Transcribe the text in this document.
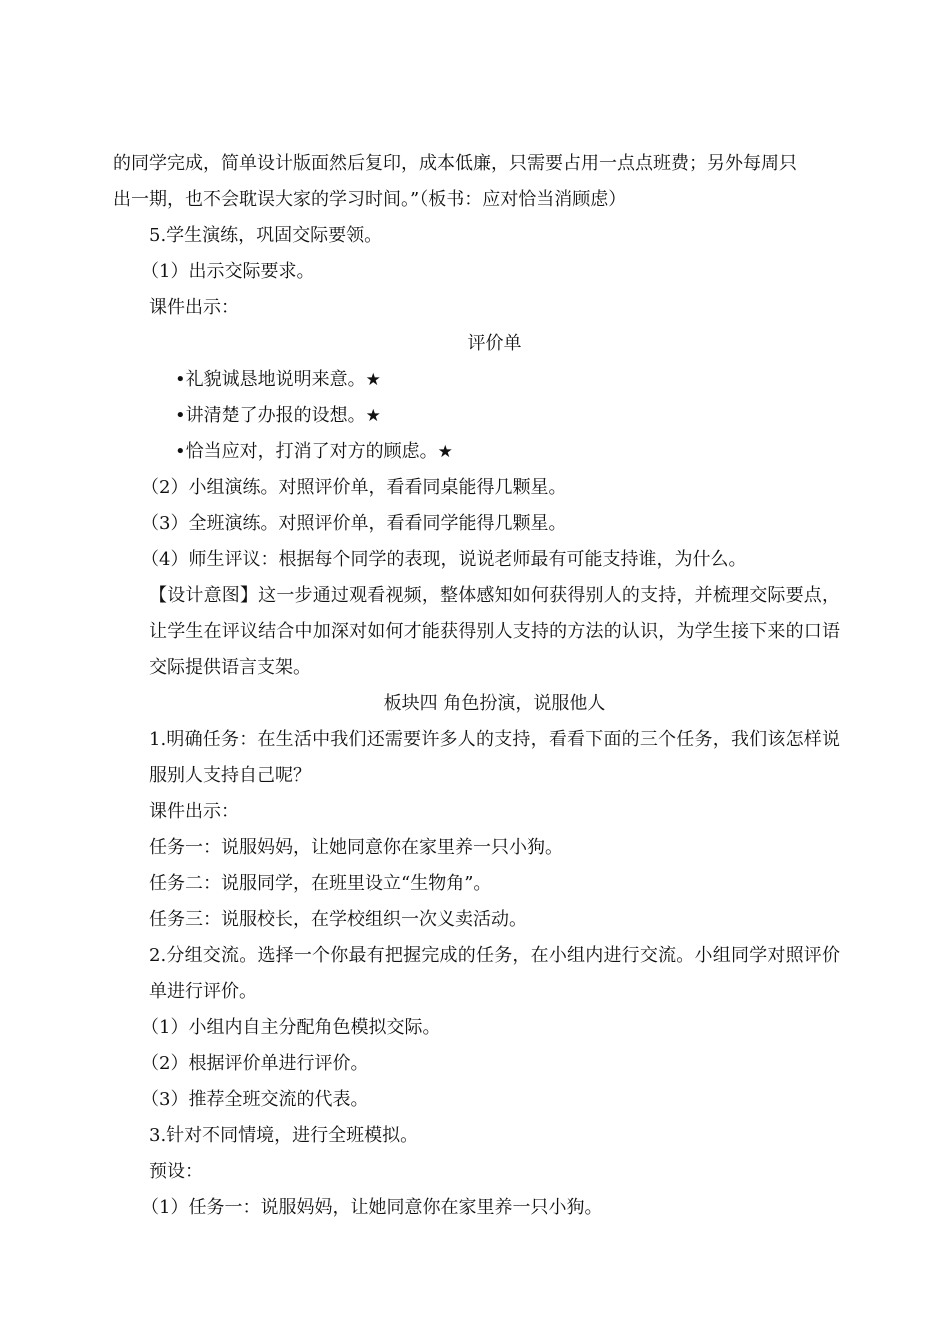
的同学完成，简单设计版面然后复印，成本低廉，只需要占用一点点班费；另外每周只

出一期，也不会耽误大家的学习时间。”（板书：应对恰当消顾虑）

5.学生演练，巩固交际要领。

（1）出示交际要求。

课件出示：

评价单

•礼貌诚恳地说明来意。★

•讲清楚了办报的设想。★

•恰当应对，打消了对方的顾虑。★

（2）小组演练。对照评价单，看看同桌能得几颗星。

（3）全班演练。对照评价单，看看同学能得几颗星。

（4）师生评议：根据每个同学的表现，说说老师最有可能支持谁，为什么。

【设计意图】这一步通过观看视频，整体感知如何获得别人的支持，并梳理交际要点，让学生在评议结合中加深对如何才能获得别人支持的方法的认识，为学生接下来的口语交际提供语言支架。

板块四 角色扮演，说服他人

1.明确任务：在生活中我们还需要许多人的支持，看看下面的三个任务，我们该怎样说服别人支持自己呢？

课件出示：

任务一：说服妈妈，让她同意你在家里养一只小狗。

任务二：说服同学，在班里设立“生物角”。

任务三：说服校长，在学校组织一次义卖活动。

2.分组交流。选择一个你最有把握完成的任务，在小组内进行交流。小组同学对照评价单进行评价。

（1）小组内自主分配角色模拟交际。

（2）根据评价单进行评价。

（3）推荐全班交流的代表。

3.针对不同情境，进行全班模拟。

预设：

（1）任务一：说服妈妈，让她同意你在家里养一只小狗。
